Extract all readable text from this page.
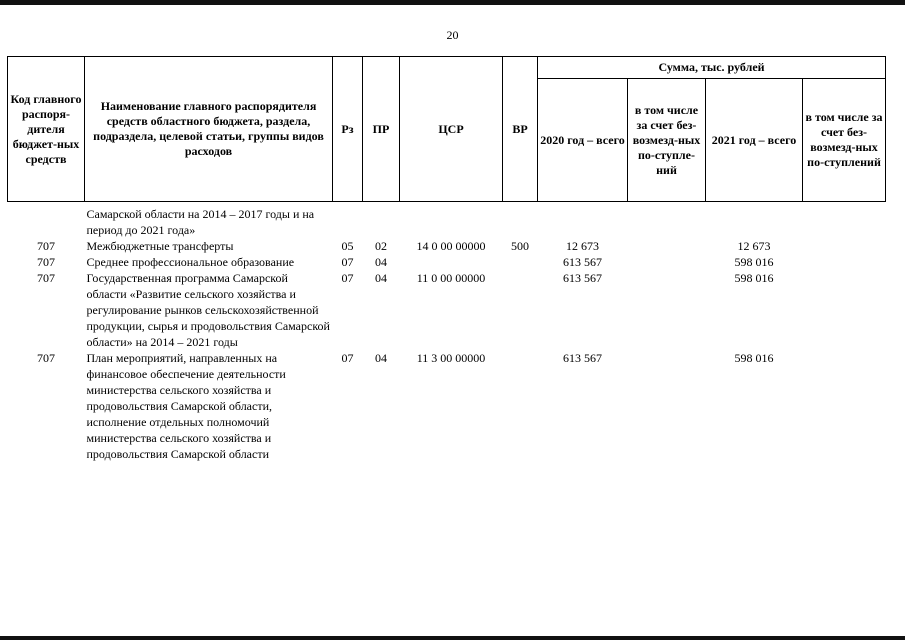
20
Код главного распоря-дителя бюджет-ных средств	Наименование главного распорядителя средств областного бюджета, раздела, подраздела, целевой статьи, группы видов расходов	Рз	ПР	ЦСР	ВР	Сумма, тыс. рублей			
						2020 год – всего	в том числе за счет без-возмезд-ных по-ступле-ний	2021 год – всего	в том числе за счет без-возмезд-ных по-ступлений
	Самарской области на 2014 – 2017 годы и на период до 2021 года»								
707	Межбюджетные трансферты	05	02	14 0 00 00000	500	12 673		12 673	
707	Среднее профессиональное образование	07	04			613 567		598 016	
707	Государственная программа Самарской области «Развитие сельского хозяйства и регулирование рынков сельскохозяйственной продукции, сырья и продовольствия Самарской области» на 2014 – 2021 годы	07	04	11 0 00 00000		613 567		598 016	
707	План мероприятий, направленных на финансовое обеспечение деятельности министерства сельского хозяйства и продовольствия Самарской области, исполнение отдельных полномочий министерства сельского хозяйства и продовольствия Самарской области	07	04	11 3 00 00000		613 567		598 016	
